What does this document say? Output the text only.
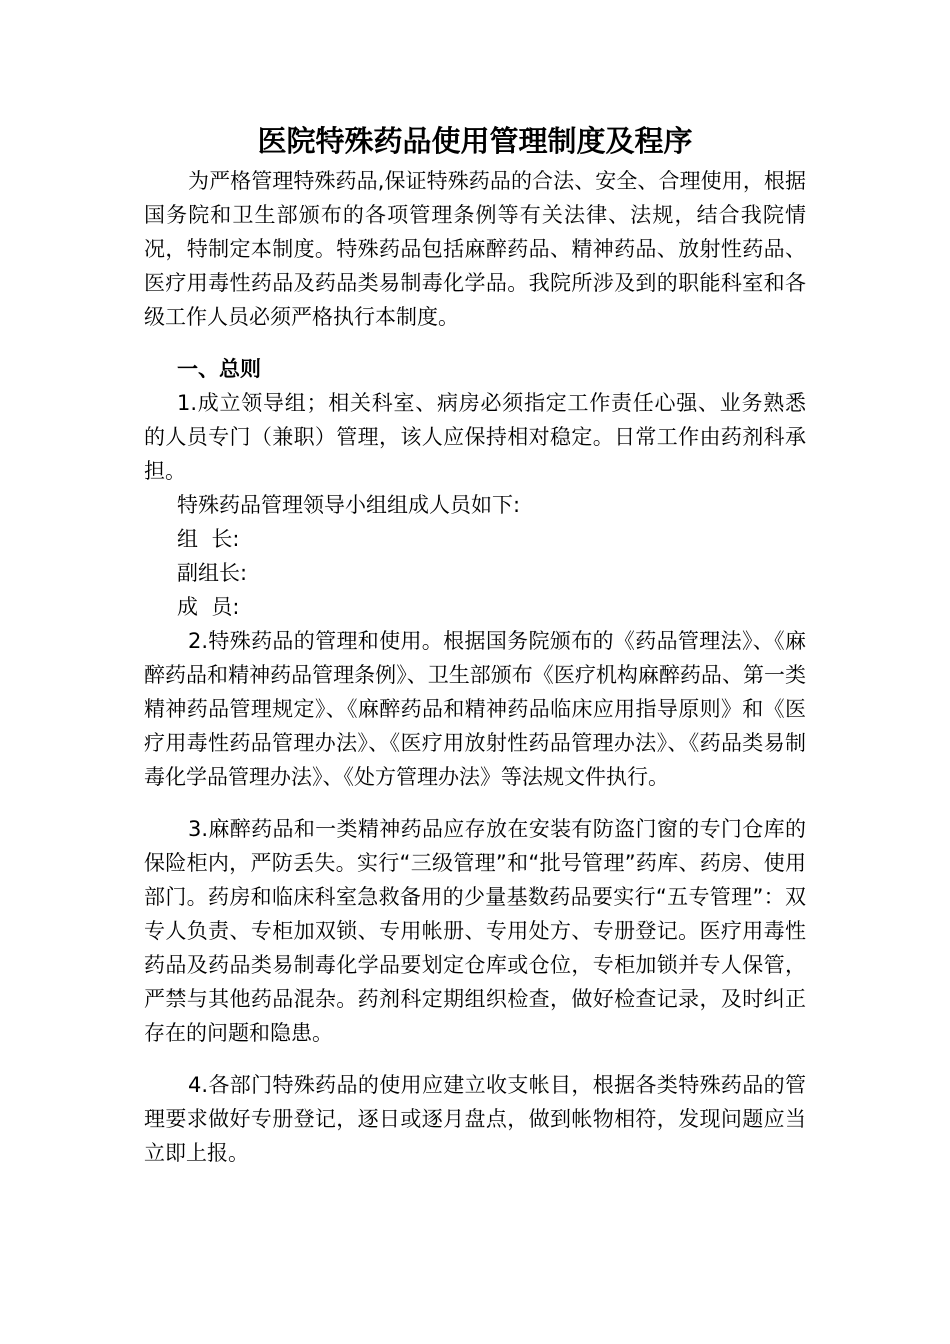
医院特殊药品使用管理制度及程序

为严格管理特殊药品,保证特殊药品的合法、安全、合理使用，根据国务院和卫生部颁布的各项管理条例等有关法律、法规，结合我院情况，特制定本制度。特殊药品包括麻醉药品、精神药品、放射性药品、医疗用毒性药品及药品类易制毒化学品。我院所涉及到的职能科室和各级工作人员必须严格执行本制度。

一、总则

1.成立领导组；相关科室、病房必须指定工作责任心强、业务熟悉的人员专门（兼职）管理，该人应保持相对稳定。日常工作由药剂科承担。

特殊药品管理领导小组组成人员如下:

组  长:

副组长:

成  员:

2.特殊药品的管理和使用。根据国务院颁布的《药品管理法》、《麻醉药品和精神药品管理条例》、卫生部颁布《医疗机构麻醉药品、第一类精神药品管理规定》、《麻醉药品和精神药品临床应用指导原则》和《医疗用毒性药品管理办法》、《医疗用放射性药品管理办法》、《药品类易制毒化学品管理办法》、《处方管理办法》等法规文件执行。

3.麻醉药品和一类精神药品应存放在安装有防盗门窗的专门仓库的保险柜内，严防丢失。实行“三级管理”和“批号管理”药库、药房、使用部门。药房和临床科室急救备用的少量基数药品要实行“五专管理”：双专人负责、专柜加双锁、专用帐册、专用处方、专册登记。医疗用毒性药品及药品类易制毒化学品要划定仓库或仓位，专柜加锁并专人保管，严禁与其他药品混杂。药剂科定期组织检查，做好检查记录，及时纠正存在的问题和隐患。

4.各部门特殊药品的使用应建立收支帐目，根据各类特殊药品的管理要求做好专册登记，逐日或逐月盘点，做到帐物相符，发现问题应当立即上报。
